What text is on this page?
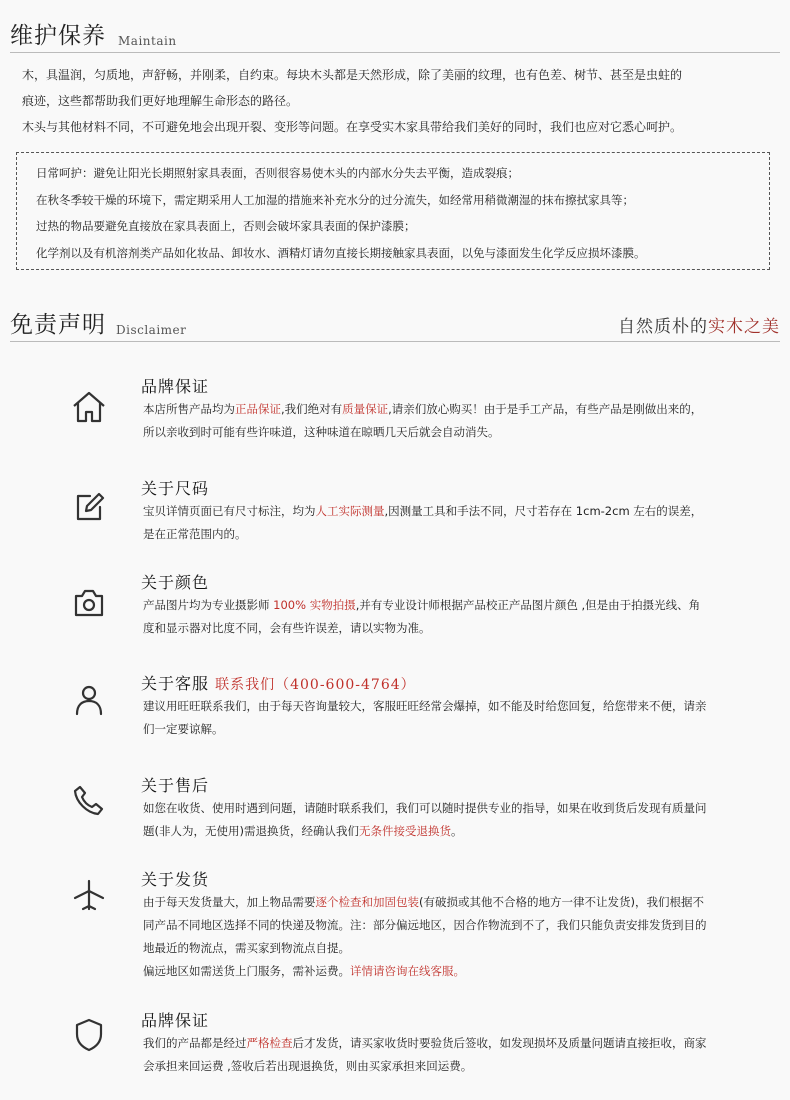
维护保养 Maintain
木，具温润，匀质地，声舒畅，并刚柔，自约束。每块木头都是天然形成，除了美丽的纹理，也有色差、树节、甚至是虫蛀的
痕迹，这些都帮助我们更好地理解生命形态的路径。
木头与其他材料不同，不可避免地会出现开裂、变形等问题。在享受实木家具带给我们美好的同时，我们也应对它悉心呵护。

日常呵护：避免让阳光长期照射家具表面，否则很容易使木头的内部水分失去平衡，造成裂痕；

在秋冬季较干燥的环境下，需定期采用人工加湿的措施来补充水分的过分流失，如经常用稍微潮湿的抹布擦拭家具等；

过热的物品要避免直接放在家具表面上，否则会破坏家具表面的保护漆膜；

化学剂以及有机溶剂类产品如化妆品、卸妆水、酒精灯请勿直接长期接触家具表面，以免与漆面发生化学反应损坏漆膜。

免责声明 Disclaimer	自然质朴的实木之美
品牌保证
本店所售产品均为正品保证,我们绝对有质量保证,请亲们放心购买！由于是手工产品，有些产品是刚做出来的，所以亲收到时可能有些许味道，这种味道在晾晒几天后就会自动消失。
关于尺码
宝贝详情页面已有尺寸标注，均为人工实际测量,因测量工具和手法不同，尺寸若存在 1cm-2cm 左右的误差，是在正常范围内的。
关于颜色
产品图片均为专业摄影师 100% 实物拍摄,并有专业设计师根据产品校正产品图片颜色 ,但是由于拍摄光线、角度和显示器对比度不同，会有些许误差，请以实物为准。
关于客服 联系我们（400-600-4764）
建议用旺旺联系我们，由于每天咨询量较大，客服旺旺经常会爆掉，如不能及时给您回复，给您带来不便，请亲们一定要谅解。
关于售后
如您在收货、使用时遇到问题，请随时联系我们，我们可以随时提供专业的指导，如果在收到货后发现有质量问题(非人为，无使用)需退换货，经确认我们无条件接受退换货。
关于发货
由于每天发货量大，加上物品需要逐个检查和加固包装(有破损或其他不合格的地方一律不让发货)，我们根据不同产品不同地区选择不同的快递及物流。注：部分偏远地区，因合作物流到不了，我们只能负责安排发货到目的地最近的物流点，需买家到物流点自提。
偏远地区如需送货上门服务，需补运费。详情请咨询在线客服。
品牌保证
我们的产品都是经过严格检查后才发货，请买家收货时要验货后签收，如发现损坏及质量问题请直接拒收，商家会承担来回运费 ,签收后若出现退换货，则由买家承担来回运费。
